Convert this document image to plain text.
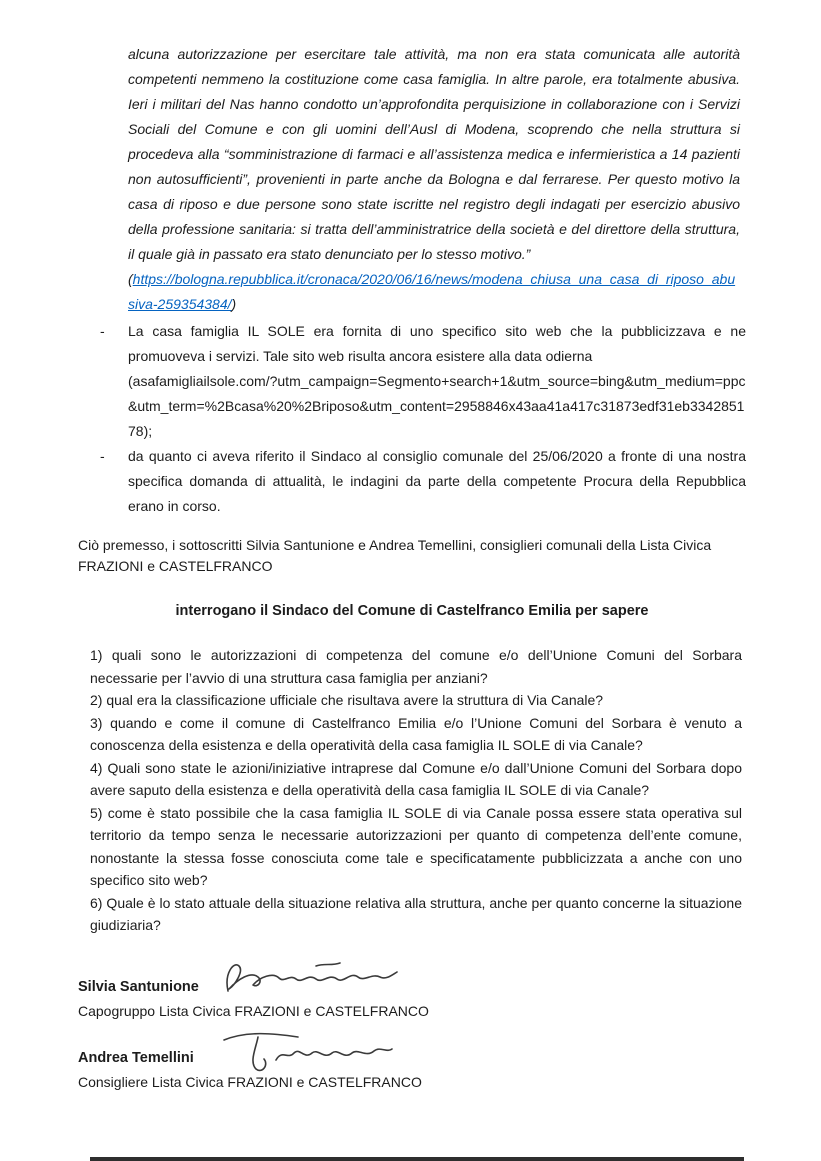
alcuna autorizzazione per esercitare tale attività, ma non era stata comunicata alle autorità competenti nemmeno la costituzione come casa famiglia. In altre parole, era totalmente abusiva. Ieri i militari del Nas hanno condotto un’approfondita perquisizione in collaborazione con i Servizi Sociali del Comune e con gli uomini dell’Ausl di Modena, scoprendo che nella struttura si procedeva alla “somministrazione di farmaci e all’assistenza medica e infermieristica a 14 pazienti non autosufficienti”, provenienti in parte anche da Bologna e dal ferrarese. Per questo motivo la casa di riposo e due persone sono state iscritte nel registro degli indagati per esercizio abusivo della professione sanitaria: si tratta dell’amministratrice della società e del direttore della struttura, il quale già in passato era stato denunciato per lo stesso motivo.”
(https://bologna.repubblica.it/cronaca/2020/06/16/news/modena_chiusa_una_casa_di_riposo_abusiva-259354384/)
-	La casa famiglia IL SOLE era fornita di uno specifico sito web che la pubblicizzava e ne promuoveva i servizi. Tale sito web risulta ancora esistere alla data odierna
(asafamigliailsole.com/?utm_campaign=Segmento+search+1&utm_source=bing&utm_medium=ppc&utm_term=%2Bcasa%20%2Briposo&utm_content=2958846x43aa41a417c31873edf31eb334285178);
-	da quanto ci aveva riferito il Sindaco al consiglio comunale del 25/06/2020 a fronte di una nostra specifica domanda di attualità, le indagini da parte della competente Procura della Repubblica erano in corso.
Ciò premesso, i sottoscritti Silvia Santunione e Andrea Temellini, consiglieri comunali della Lista Civica FRAZIONI e CASTELFRANCO
interrogano il Sindaco del Comune di Castelfranco Emilia per sapere
1) quali sono le autorizzazioni di competenza del comune e/o dell’Unione Comuni del Sorbara necessarie per l’avvio di una struttura casa famiglia per anziani?
2) qual era la classificazione ufficiale che risultava avere la struttura di Via Canale?
3) quando e come il comune di Castelfranco Emilia e/o l’Unione Comuni del Sorbara è venuto a conoscenza della esistenza e della operatività della casa famiglia IL SOLE di via Canale?
4) Quali sono state le azioni/iniziative intraprese dal Comune e/o dall’Unione Comuni del Sorbara dopo avere saputo della esistenza e della operatività della casa famiglia IL SOLE di via Canale?
5) come è stato possibile che la casa famiglia IL SOLE di via Canale possa essere stata operativa sul territorio da tempo senza le necessarie autorizzazioni per quanto di competenza dell’ente comune, nonostante la stessa fosse conosciuta come tale e specificatamente pubblicizzata a anche con uno specifico sito web?
6) Quale è lo stato attuale della situazione relativa alla struttura, anche per quanto concerne la situazione giudiziaria?
Silvia Santunione
Capogruppo Lista Civica FRAZIONI e CASTELFRANCO
Andrea Temellini
Consigliere Lista Civica FRAZIONI e CASTELFRANCO
